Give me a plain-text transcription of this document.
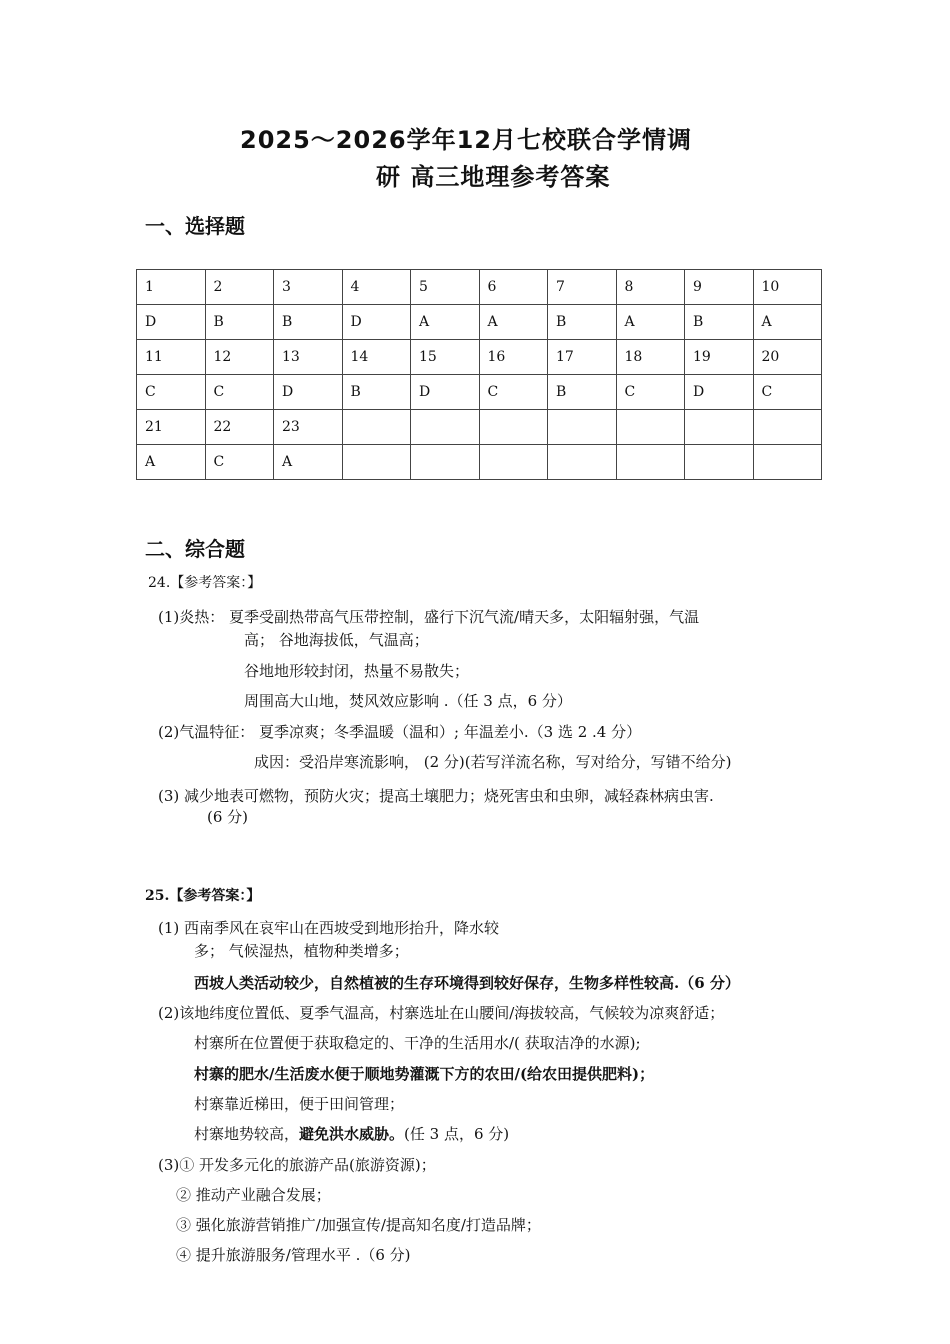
2025～2026学年12月七校联合学情调
研 高三地理参考答案
一、选择题
1	2	3	4	5	6	7	8	9	10
D	B	B	D	A	A	B	A	B	A
11	12	13	14	15	16	17	18	19	20
C	C	D	B	D	C	B	C	D	C
21	22	23							
A	C	A							
二、综合题
24.【参考答案：】
(1)炎热： 夏季受副热带高气压带控制，盛行下沉气流/晴天多，太阳辐射强，气温
高； 谷地海拔低，气温高；
谷地地形较封闭，热量不易散失；
周围高大山地，焚风效应影响 .（任 3 点，6 分）
(2)气温特征： 夏季凉爽；冬季温暖（温和）; 年温差小.（3 选 2 .4 分）
成因：受沿岸寒流影响， (2 分)(若写洋流名称，写对给分，写错不给分)
(3) 减少地表可燃物，预防火灾；提高土壤肥力；烧死害虫和虫卵，减轻森林病虫害.
(6 分)
25.【参考答案：】
(1) 西南季风在哀牢山在西坡受到地形抬升，降水较
多； 气候湿热，植物种类增多；
西坡人类活动较少，自然植被的生存环境得到较好保存，生物多样性较高.（6 分）
(2)该地纬度位置低、夏季气温高，村寨选址在山腰间/海拔较高，气候较为凉爽舒适；
村寨所在位置便于获取稳定的、干净的生活用水/( 获取洁净的水源);
村寨的肥水/生活废水便于顺地势灌溉下方的农田/(给农田提供肥料)；
村寨靠近梯田，便于田间管理；
村寨地势较高，避免洪水威胁。(任 3 点，6 分)
(3)① 开发多元化的旅游产品(旅游资源)；
② 推动产业融合发展；
③ 强化旅游营销推广/加强宣传/提高知名度/打造品牌；
④ 提升旅游服务/管理水平 .（6 分)
